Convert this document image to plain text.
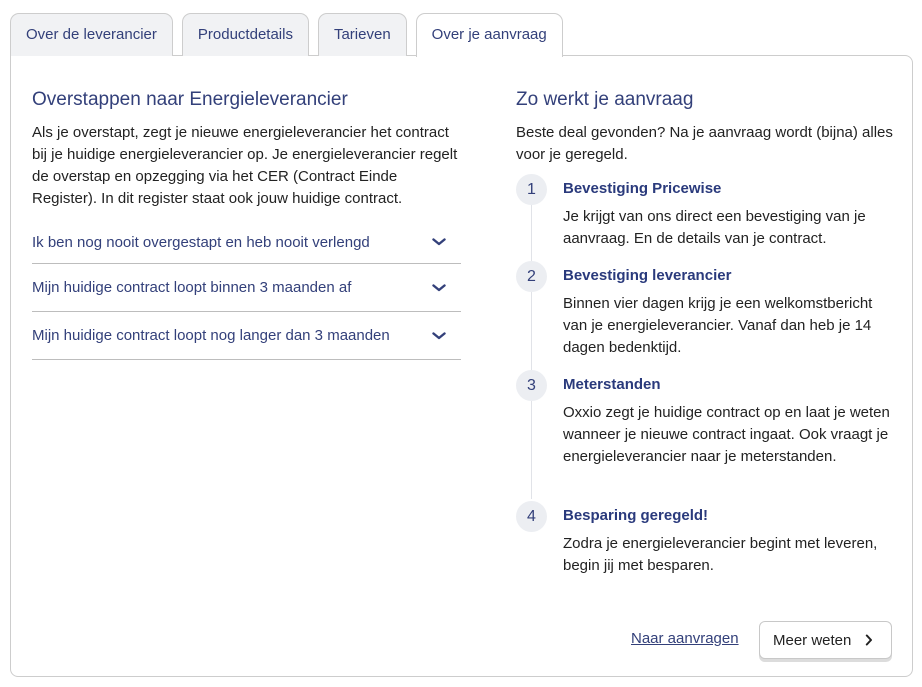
Over de leverancier	Productdetails	Tarieven	Over je aanvraag
Overstappen naar Energieleverancier

Als je overstapt, zegt je nieuwe energieleverancier het contract bij je huidige energieleverancier op. Je energieleverancier regelt de overstap en opzegging via het CER (Contract Einde Register). In dit register staat ook jouw huidige contract.

Ik ben nog nooit overgestapt en heb nooit verlengd
Mijn huidige contract loopt binnen 3 maanden af
Mijn huidige contract loopt nog langer dan 3 maanden
Zo werkt je aanvraag

Beste deal gevonden? Na je aanvraag wordt (bijna) alles voor je geregeld.

1	Bevestiging Pricewise
Je krijgt van ons direct een bevestiging van je aanvraag. En de details van je contract.
2	Bevestiging leverancier
Binnen vier dagen krijg je een welkomstbericht van je energieleverancier. Vanaf dan heb je 14 dagen bedenktijd.
3	Meterstanden
Oxxio zegt je huidige contract op en laat je weten wanneer je nieuwe contract ingaat. Ook vraagt je energieleverancier naar je meterstanden.
4	Besparing geregeld!
Zodra je energieleverancier begint met leveren, begin jij met besparen.
Naar aanvragen Meer weten
